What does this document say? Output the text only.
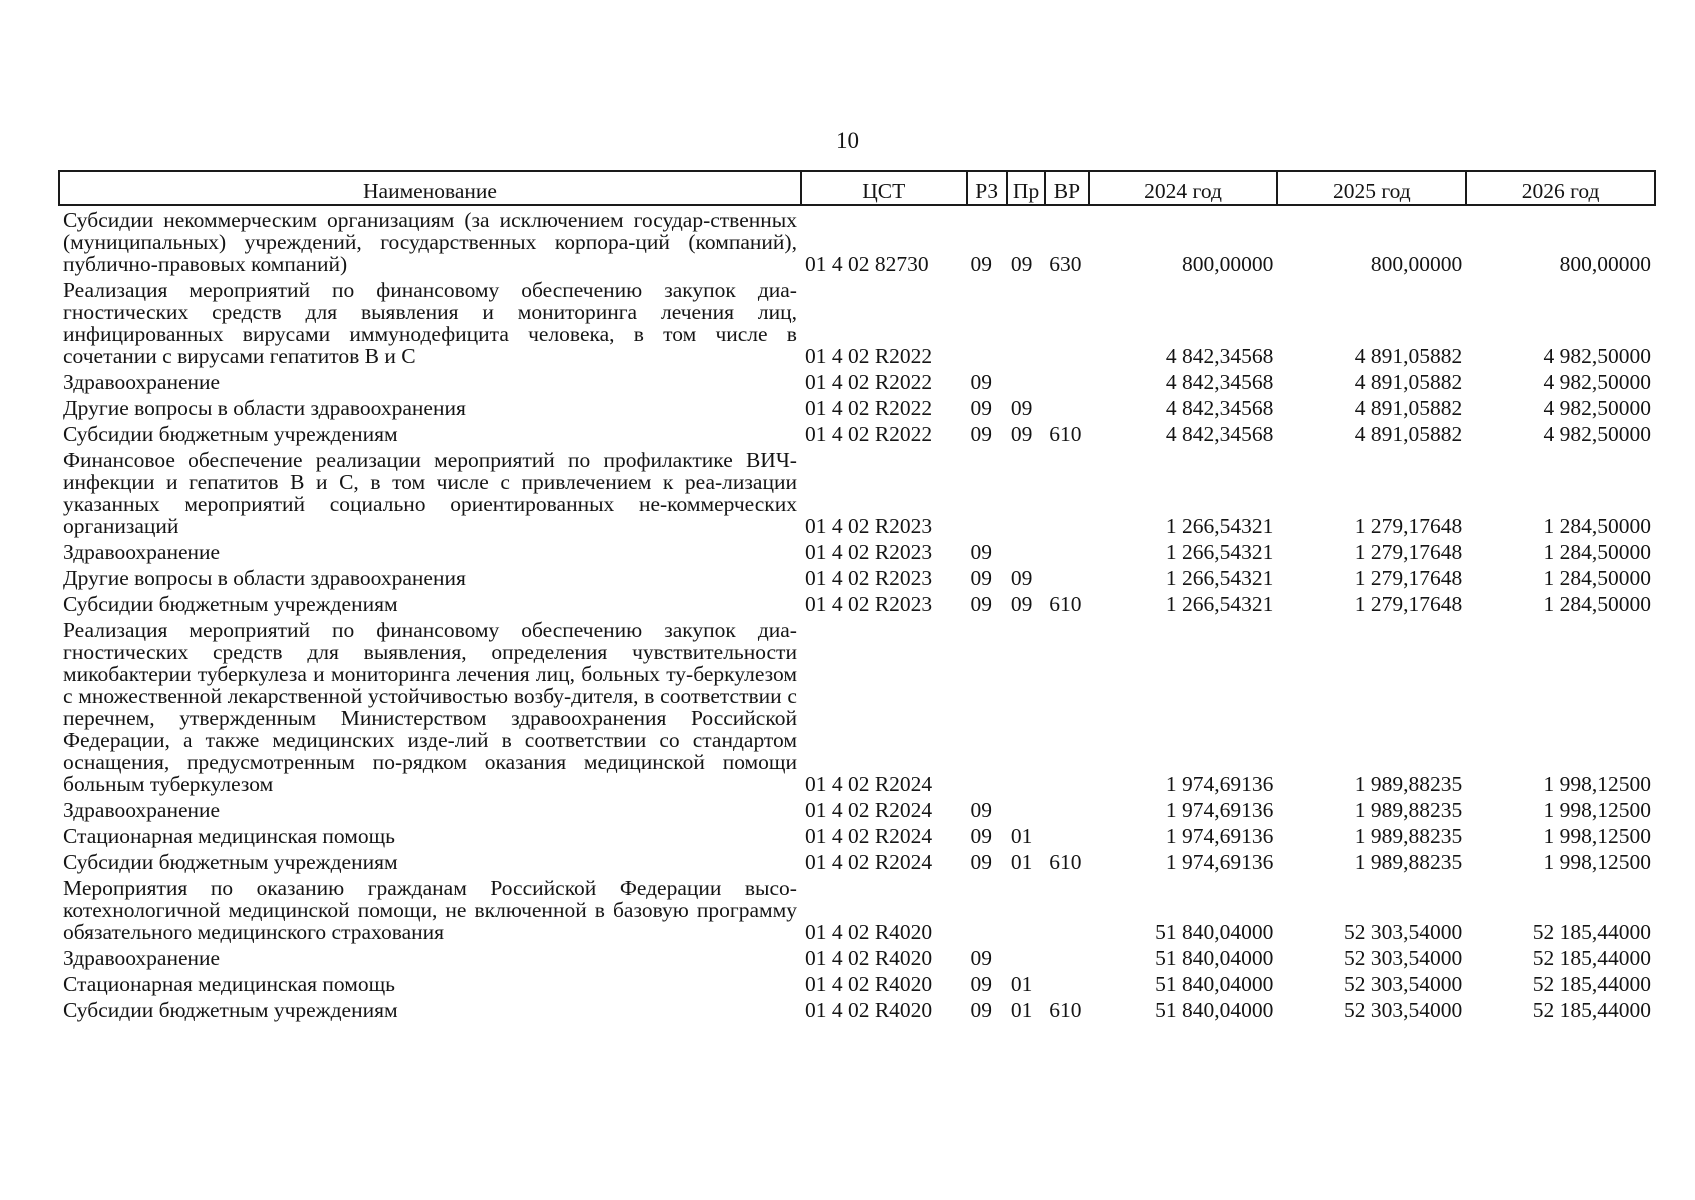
10
Наименование	ЦСТ	РЗ	Пр	ВР	2024 год	2025 год	2026 год
Субсидии некоммерческим организациям (за исключением государ-ственных (муниципальных) учреждений, государственных корпора-ций (компаний), публично-правовых компаний)	01 4 02 82730	09	09	630	800,00000	800,00000	800,00000
Реализация мероприятий по финансовому обеспечению закупок диа-гностических средств для выявления и мониторинга лечения лиц, инфицированных вирусами иммунодефицита человека, в том числе в сочетании с вирусами гепатитов В и С	01 4 02 R2022				4 842,34568	4 891,05882	4 982,50000
Здравоохранение	01 4 02 R2022	09			4 842,34568	4 891,05882	4 982,50000
Другие вопросы в области здравоохранения	01 4 02 R2022	09	09		4 842,34568	4 891,05882	4 982,50000
Субсидии бюджетным учреждениям	01 4 02 R2022	09	09	610	4 842,34568	4 891,05882	4 982,50000
Финансовое обеспечение реализации мероприятий по профилактике ВИЧ-инфекции и гепатитов В и С, в том числе с привлечением к реа-лизации указанных мероприятий социально ориентированных не-коммерческих организаций	01 4 02 R2023				1 266,54321	1 279,17648	1 284,50000
Здравоохранение	01 4 02 R2023	09			1 266,54321	1 279,17648	1 284,50000
Другие вопросы в области здравоохранения	01 4 02 R2023	09	09		1 266,54321	1 279,17648	1 284,50000
Субсидии бюджетным учреждениям	01 4 02 R2023	09	09	610	1 266,54321	1 279,17648	1 284,50000
Реализация мероприятий по финансовому обеспечению закупок диа-гностических средств для выявления, определения чувствительности микобактерии туберкулеза и мониторинга лечения лиц, больных ту-беркулезом с множественной лекарственной устойчивостью возбу-дителя, в соответствии с перечнем, утвержденным Министерством здравоохранения Российской Федерации, а также медицинских изде-лий в соответствии со стандартом оснащения, предусмотренным по-рядком оказания медицинской помощи больным туберкулезом	01 4 02 R2024				1 974,69136	1 989,88235	1 998,12500
Здравоохранение	01 4 02 R2024	09			1 974,69136	1 989,88235	1 998,12500
Стационарная медицинская помощь	01 4 02 R2024	09	01		1 974,69136	1 989,88235	1 998,12500
Субсидии бюджетным учреждениям	01 4 02 R2024	09	01	610	1 974,69136	1 989,88235	1 998,12500
Мероприятия по оказанию гражданам Российской Федерации высо-котехнологичной медицинской помощи, не включенной в базовую программу обязательного медицинского страхования	01 4 02 R4020				51 840,04000	52 303,54000	52 185,44000
Здравоохранение	01 4 02 R4020	09			51 840,04000	52 303,54000	52 185,44000
Стационарная медицинская помощь	01 4 02 R4020	09	01		51 840,04000	52 303,54000	52 185,44000
Субсидии бюджетным учреждениям	01 4 02 R4020	09	01	610	51 840,04000	52 303,54000	52 185,44000
